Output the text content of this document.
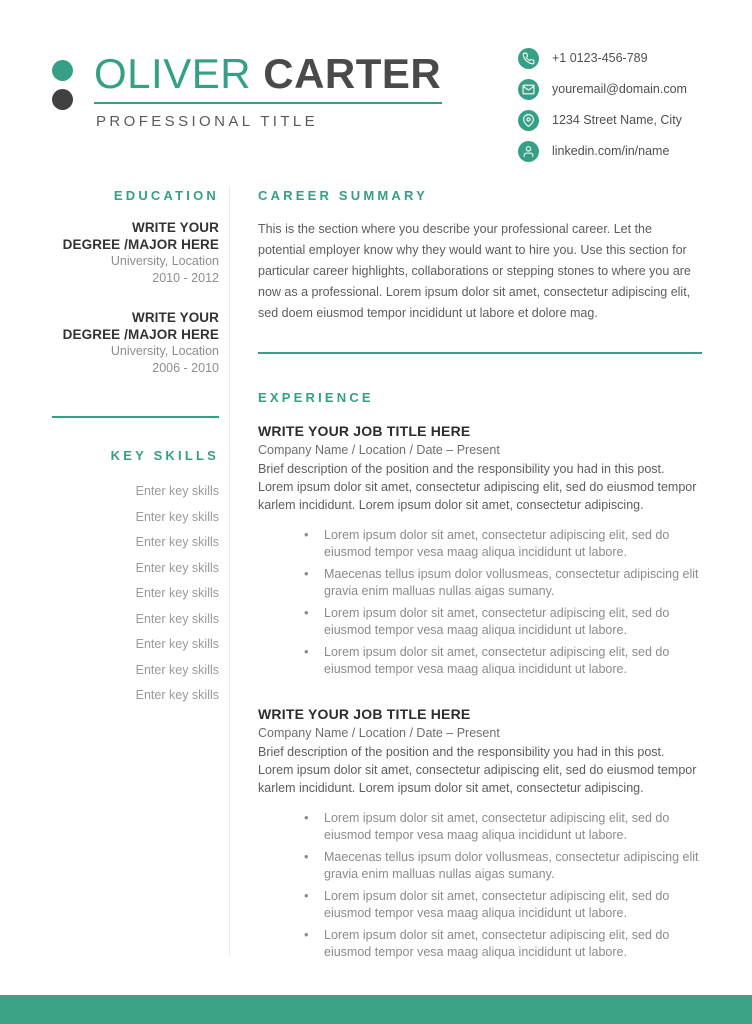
OLIVER CARTER
PROFESSIONAL TITLE
+1 0123-456-789
youremail@domain.com
1234 Street Name, City
linkedin.com/in/name
EDUCATION
WRITE YOUR
DEGREE /MAJOR HERE
University, Location
2010 - 2012
WRITE YOUR
DEGREE /MAJOR HERE
University, Location
2006 - 2010
KEY SKILLS
Enter key skills
Enter key skills
Enter key skills
Enter key skills
Enter key skills
Enter key skills
Enter key skills
Enter key skills
Enter key skills
CAREER SUMMARY
This is the section where you describe your professional career. Let the potential employer know why they would want to hire you. Use this section for particular career highlights, collaborations or stepping stones to where you are now as a professional. Lorem ipsum dolor sit amet, consectetur adipiscing elit, sed doem eiusmod tempor incididunt ut labore et dolore mag.
EXPERIENCE
WRITE YOUR JOB TITLE HERE
Company Name / Location / Date – Present
Brief description of the position and the responsibility you had in this post. Lorem ipsum dolor sit amet, consectetur adipiscing elit, sed do eiusmod tempor karlem incididunt. Lorem ipsum dolor sit amet, consectetur adipiscing.
• Lorem ipsum dolor sit amet, consectetur adipiscing elit, sed do eiusmod tempor vesa maag aliqua incididunt ut labore.
• Maecenas tellus ipsum dolor vollusmeas, consectetur adipiscing elit gravia enim malluas nullas aigas sumany.
• Lorem ipsum dolor sit amet, consectetur adipiscing elit, sed do eiusmod tempor vesa maag aliqua incididunt ut labore.
• Lorem ipsum dolor sit amet, consectetur adipiscing elit, sed do eiusmod tempor vesa maag aliqua incididunt ut labore.
WRITE YOUR JOB TITLE HERE
Company Name / Location / Date – Present
Brief description of the position and the responsibility you had in this post. Lorem ipsum dolor sit amet, consectetur adipiscing elit, sed do eiusmod tempor karlem incididunt. Lorem ipsum dolor sit amet, consectetur adipiscing.
• Lorem ipsum dolor sit amet, consectetur adipiscing elit, sed do eiusmod tempor vesa maag aliqua incididunt ut labore.
• Maecenas tellus ipsum dolor vollusmeas, consectetur adipiscing elit gravia enim malluas nullas aigas sumany.
• Lorem ipsum dolor sit amet, consectetur adipiscing elit, sed do eiusmod tempor vesa maag aliqua incididunt ut labore.
• Lorem ipsum dolor sit amet, consectetur adipiscing elit, sed do eiusmod tempor vesa maag aliqua incididunt ut labore.
